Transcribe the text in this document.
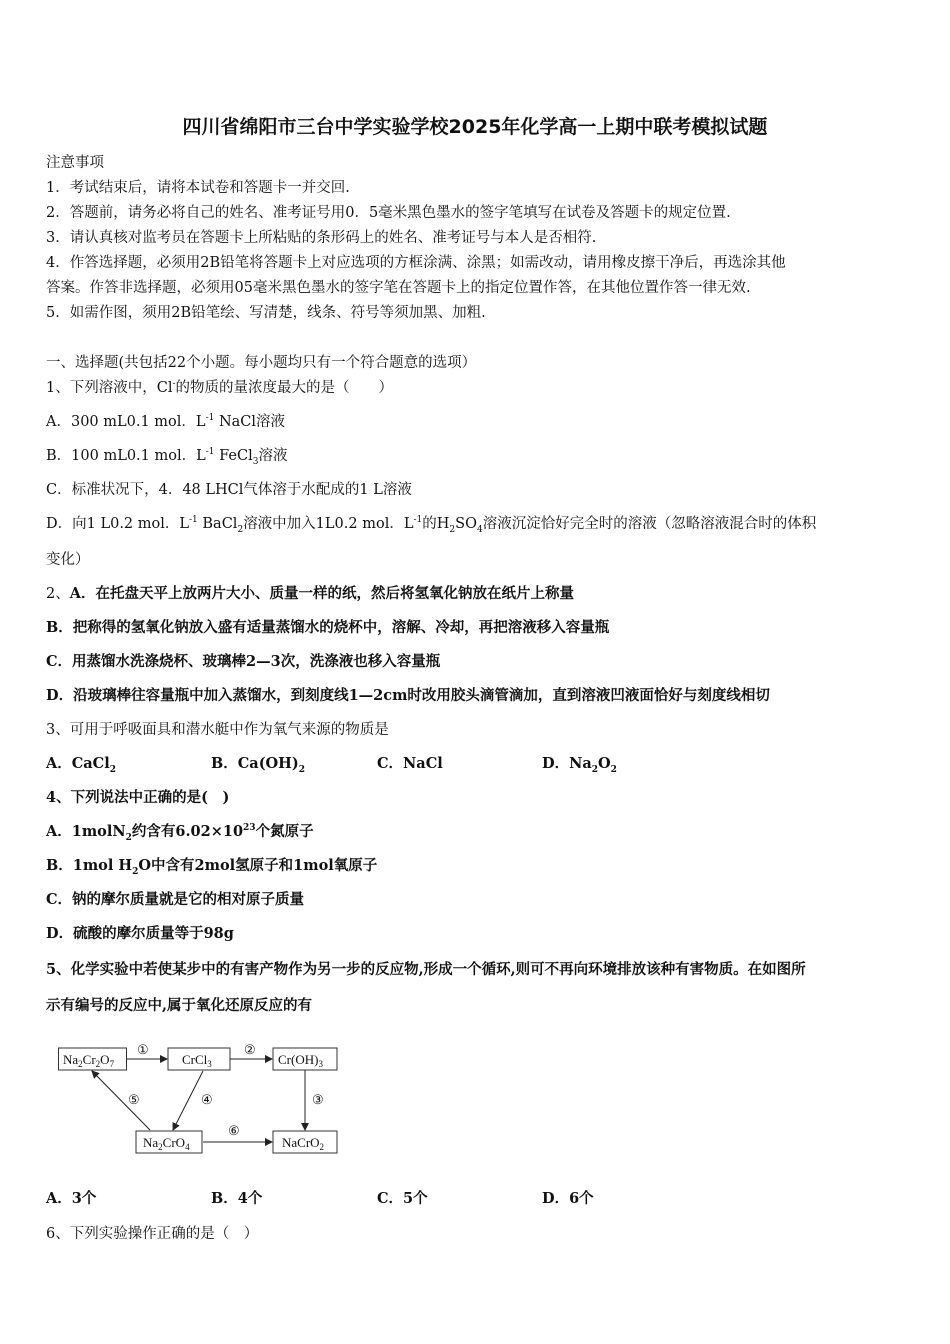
四川省绵阳市三台中学实验学校2025年化学高一上期中联考模拟试题
注意事项
1．考试结束后，请将本试卷和答题卡一并交回.
2．答题前，请务必将自己的姓名、准考证号用0．5毫米黑色墨水的签字笔填写在试卷及答题卡的规定位置.
3．请认真核对监考员在答题卡上所粘贴的条形码上的姓名、准考证号与本人是否相符.
4．作答选择题，必须用2B铅笔将答题卡上对应选项的方框涂满、涂黑；如需改动，请用橡皮擦干净后，再选涂其他
答案。作答非选择题，必须用05毫米黑色墨水的签字笔在答题卡上的指定位置作答，在其他位置作答一律无效.
5．如需作图，须用2B铅笔绘、写清楚，线条、符号等须加黑、加粗.
一、选择题(共包括22个小题。每小题均只有一个符合题意的选项）
1、下列溶液中，Cl-的物质的量浓度最大的是（　　）
A．300 mL0.1 mol．$L^{-1}$ NaCl溶液
B．100 mL0.1 mol．$L^{-1}$ FeCl$_3$溶液
C．标准状况下，4．48 LHCl气体溶于水配成的1 L溶液
D．向1 L0.2 mol．$L^{-1}$ BaCl$_2$溶液中加入1L0.2 mol．$L^{-1}$的$H_2SO_4$溶液沉淀恰好完全时的溶液（忽略溶液混合时的体积
变化）
2、A．在托盘天平上放两片大小、质量一样的纸，然后将氢氧化钠放在纸片上称量
B．把称得的氢氧化钠放入盛有适量蒸馏水的烧杯中，溶解、冷却，再把溶液移入容量瓶
C．用蒸馏水洗涤烧杯、玻璃棒2—3次，洗涤液也移入容量瓶
D．沿玻璃棒往容量瓶中加入蒸馏水，到刻度线1—2cm时改用胶头滴管滴加，直到溶液凹液面恰好与刻度线相切
3、可用于呼吸面具和潜水艇中作为氧气来源的物质是
A．CaCl$_2$	B．$Ca(OH)_2$	C．NaCl	D．$Na_2O_2$
4、下列说法中正确的是(　)
A．1molN$_2$约含有$6.02\times 10^{23}$个氮原子
B．1mol $H_2O$中含有2mol氢原子和1mol氧原子
C．钠的摩尔质量就是它的相对原子质量
D．硫酸的摩尔质量等于98g
5、化学实验中若使某步中的有害产物作为另一步的反应物,形成一个循环,则可不再向环境排放该种有害物质。在如图所
示有编号的反应中,属于氧化还原反应的有
$Na_2Cr_2O_7$	CrCl$_3$	$Cr(OH)_3$
$Na_2CrO_4$	NaCrO$_2$
①	②
③
④
⑤
⑥
A．3个	B．4个	C．5个	D．6个
6、下列实验操作正确的是（　）
